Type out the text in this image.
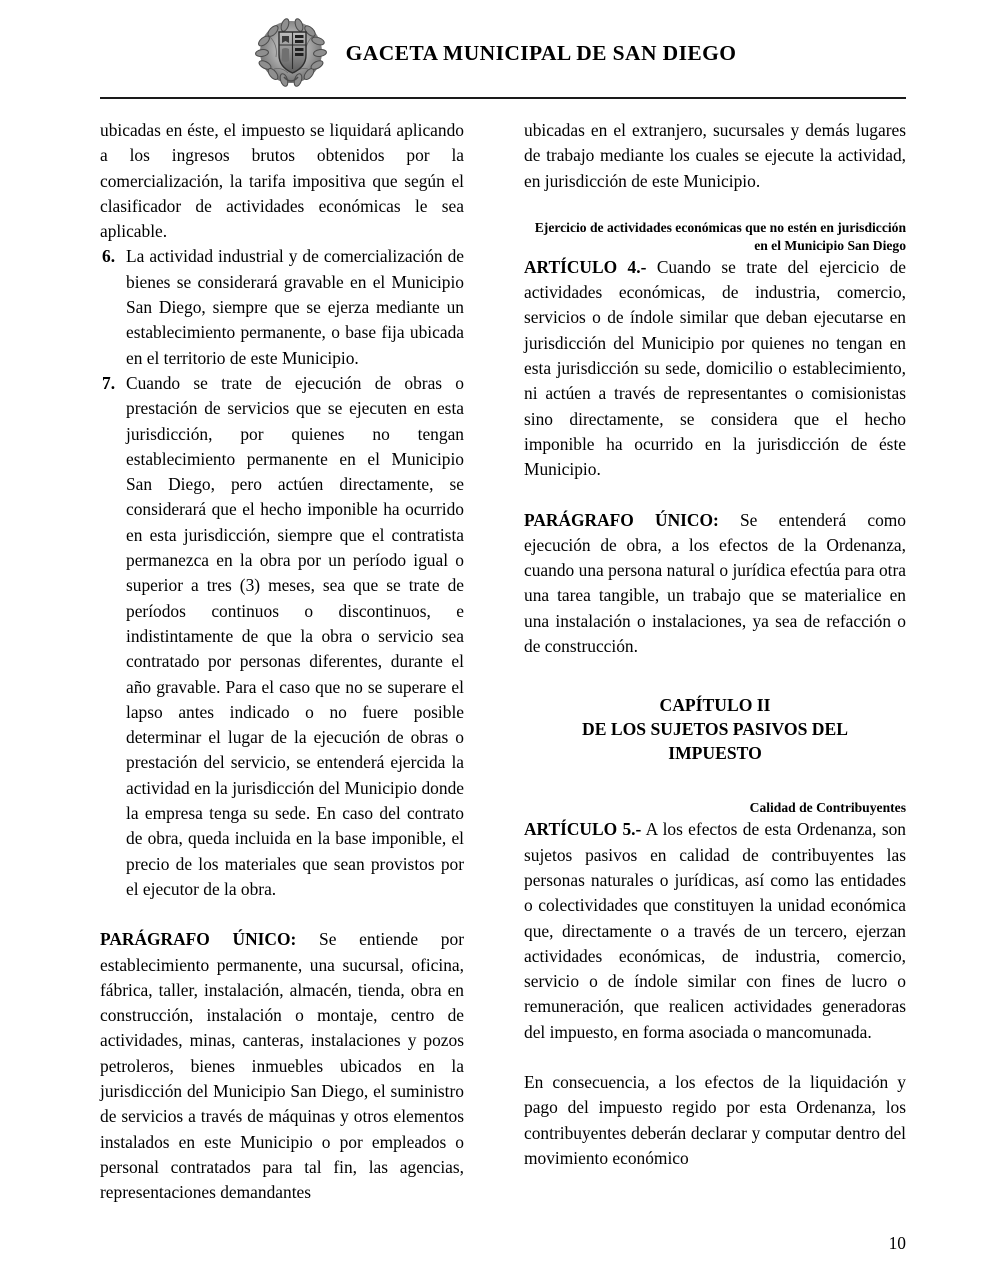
GACETA MUNICIPAL DE SAN DIEGO

ubicadas en éste, el impuesto se liquidará aplicando a los ingresos brutos obtenidos por la comercialización, la tarifa impositiva que según el clasificador de actividades económicas le sea aplicable.

6. La actividad industrial y de comercialización de bienes se considerará gravable en el Municipio San Diego, siempre que se ejerza mediante un establecimiento permanente, o base fija ubicada en el territorio de este Municipio.
7. Cuando se trate de ejecución de obras o prestación de servicios que se ejecuten en esta jurisdicción, por quienes no tengan establecimiento permanente en el Municipio San Diego, pero actúen directamente, se considerará que el hecho imponible ha ocurrido en esta jurisdicción, siempre que el contratista permanezca en la obra por un período igual o superior a tres (3) meses, sea que se trate de períodos continuos o discontinuos, e indistintamente de que la obra o servicio sea contratado por personas diferentes, durante el año gravable. Para el caso que no se superare el lapso antes indicado o no fuere posible determinar el lugar de la ejecución de obras o prestación del servicio, se entenderá ejercida la actividad en la jurisdicción del Municipio donde la empresa tenga su sede. En caso del contrato de obra, queda incluida en la base imponible, el precio de los materiales que sean provistos por el ejecutor de la obra.

PARÁGRAFO ÚNICO: Se entiende por establecimiento permanente, una sucursal, oficina, fábrica, taller, instalación, almacén, tienda, obra en construcción, instalación o montaje, centro de actividades, minas, canteras, instalaciones y pozos petroleros, bienes inmuebles ubicados en la jurisdicción del Municipio San Diego, el suministro de servicios a través de máquinas y otros elementos instalados en este Municipio o por empleados o personal contratados para tal fin, las agencias, representaciones demandantes

ubicadas en el extranjero, sucursales y demás lugares de trabajo mediante los cuales se ejecute la actividad, en jurisdicción de este Municipio.

Ejercicio de actividades económicas que no estén en jurisdicción en el Municipio San Diego

ARTÍCULO 4.- Cuando se trate del ejercicio de actividades económicas, de industria, comercio, servicios o de índole similar que deban ejecutarse en jurisdicción del Municipio por quienes no tengan en esta jurisdicción su sede, domicilio o establecimiento, ni actúen a través de representantes o comisionistas sino directamente, se considera que el hecho imponible ha ocurrido en la jurisdicción de éste Municipio.

PARÁGRAFO ÚNICO: Se entenderá como ejecución de obra, a los efectos de la Ordenanza, cuando una persona natural o jurídica efectúa para otra una tarea tangible, un trabajo que se materialice en una instalación o instalaciones, ya sea de refacción o de construcción.

CAPÍTULO II
DE LOS SUJETOS PASIVOS DEL
IMPUESTO

Calidad de Contribuyentes

ARTÍCULO 5.- A los efectos de esta Ordenanza, son sujetos pasivos en calidad de contribuyentes las personas naturales o jurídicas, así como las entidades o colectividades que constituyen la unidad económica que, directamente o a través de un tercero, ejerzan actividades económicas, de industria, comercio, servicio o de índole similar con fines de lucro o remuneración, que realicen actividades generadoras del impuesto, en forma asociada o mancomunada.

En consecuencia, a los efectos de la liquidación y pago del impuesto regido por esta Ordenanza, los contribuyentes deberán declarar y computar dentro del movimiento económico

10
